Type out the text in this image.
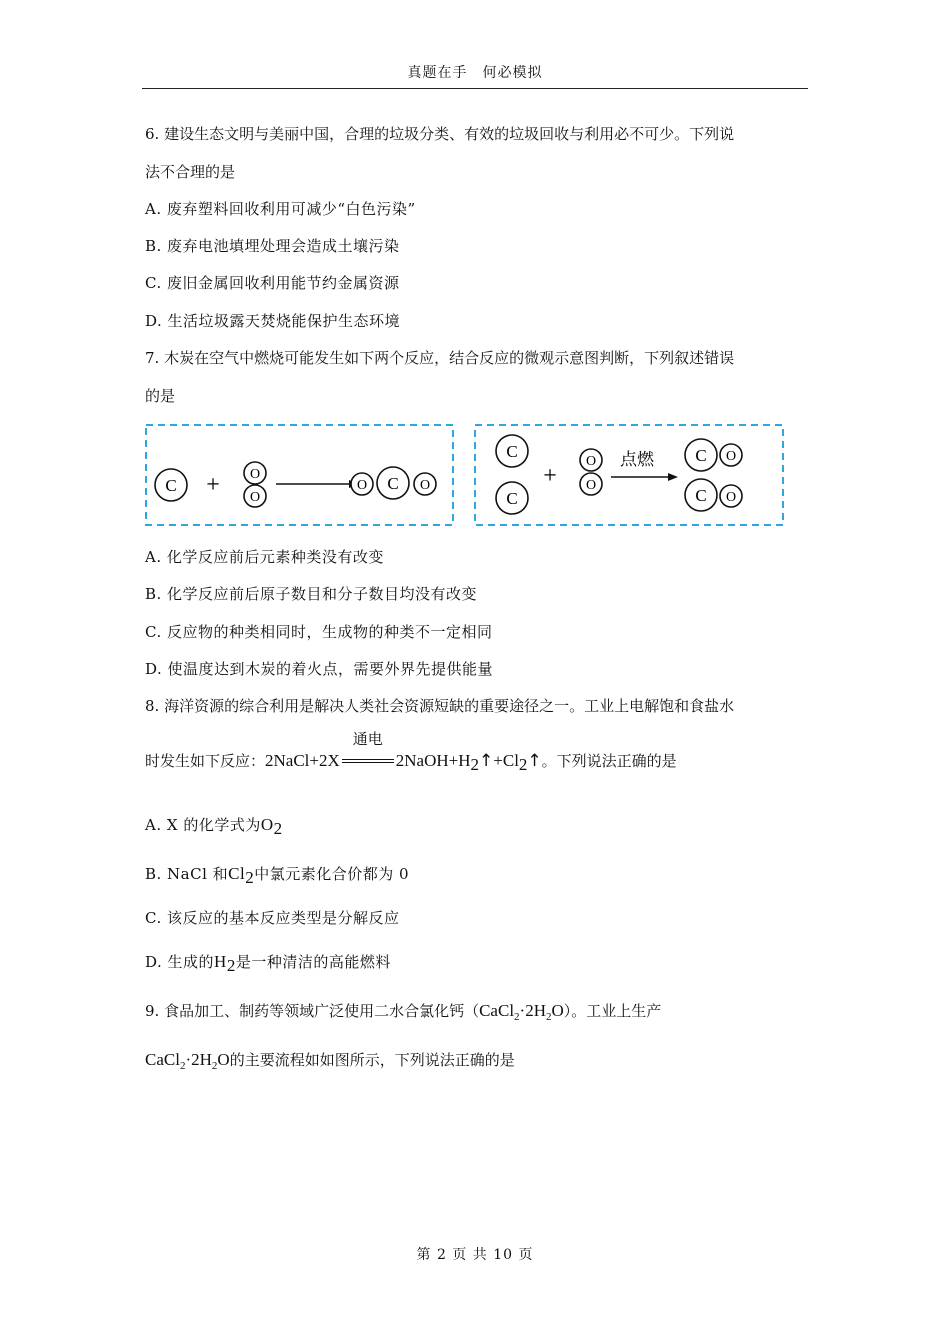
真题在手　何必模拟
6. 建设生态文明与美丽中国，合理的垃圾分类、有效的垃圾回收与利用必不可少。下列说
法不合理的是
A. 废弃塑料回收利用可减少“白色污染”
B. 废弃电池填埋处理会造成土壤污染
C. 废旧金属回收利用能节约金属资源
D. 生活垃圾露天焚烧能保护生态环境
7. 木炭在空气中燃烧可能发生如下两个反应，结合反应的微观示意图判断，下列叙述错误
的是
C + O
O
O	O
C
C
C
+
O
O
点燃	O
C
O
C
A. 化学反应前后元素种类没有改变
B. 化学反应前后原子数目和分子数目均没有改变
C. 反应物的种类相同时，生成物的种类不一定相同
D. 使温度达到木炭的着火点，需要外界先提供能量
8. 海洋资源的综合利用是解决人类社会资源短缺的重要途径之一。工业上电解饱和食盐水
时发生如下反应：2NaCl+2X
通电
$2NaOH+H_2↑+Cl_2↑$。下列说法正确的是
A. X 的化学式为$O_2$
B. NaCl 和$Cl_2$中氯元素化合价都为 0
C. 该反应的基本反应类型是分解反应
D. 生成的$H_2$是一种清洁的高能燃料
9. 食品加工、制药等领域广泛使用二水合氯化钙$(CaCl_2\cdot 2H_2O)$。工业上生产
$CaCl_2\cdot 2H_2O$的主要流程如如图所示，下列说法正确的是
第 2 页 共 10 页
